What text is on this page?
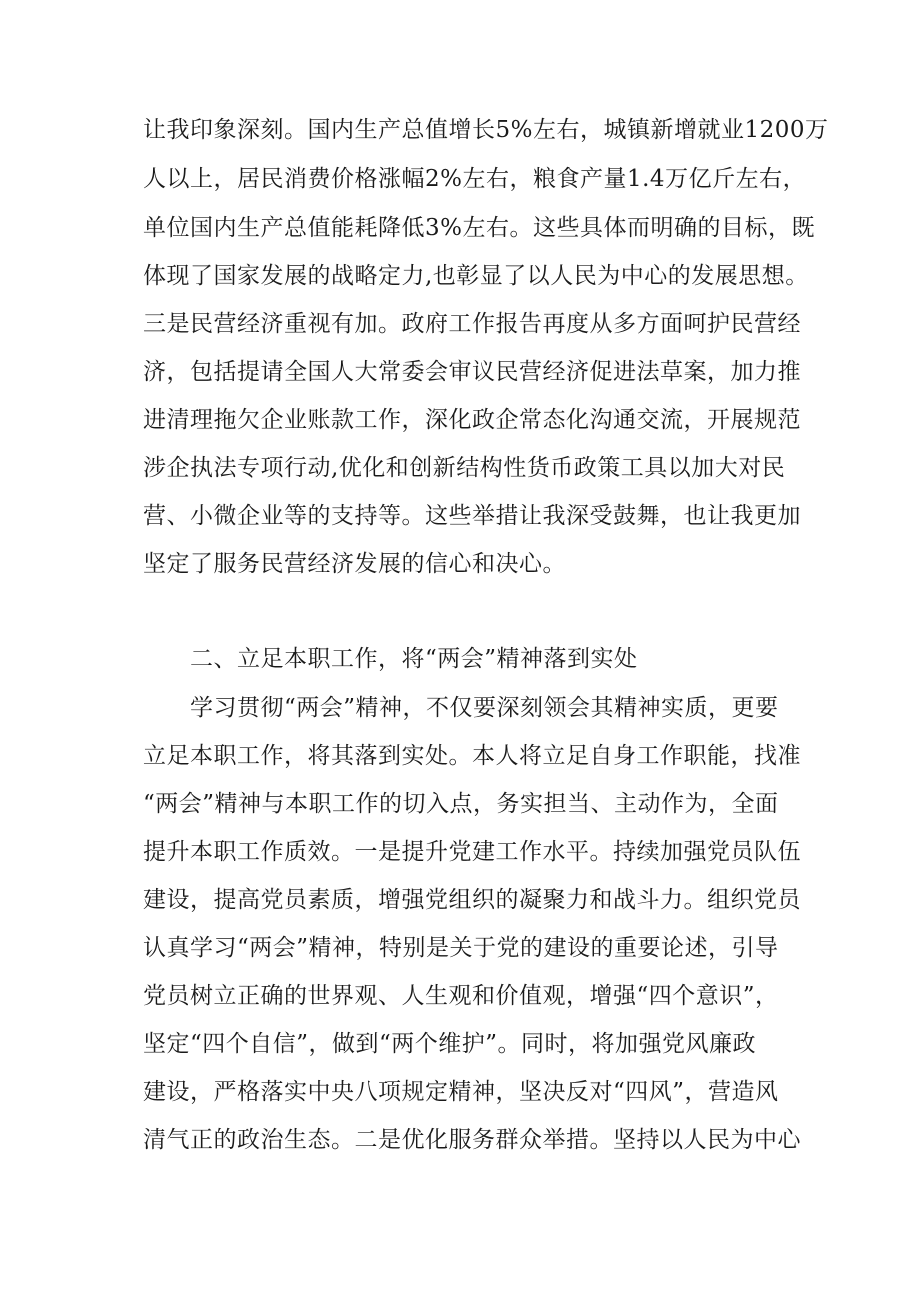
让我印象深刻。国内生产总值增长5%左右，城镇新增就业1200万
人以上，居民消费价格涨幅2%左右，粮食产量1.4万亿斤左右，
单位国内生产总值能耗降低3%左右。这些具体而明确的目标，既
体现了国家发展的战略定力,也彰显了以人民为中心的发展思想。
三是民营经济重视有加。政府工作报告再度从多方面呵护民营经
济，包括提请全国人大常委会审议民营经济促进法草案，加力推
进清理拖欠企业账款工作，深化政企常态化沟通交流，开展规范
涉企执法专项行动,优化和创新结构性货币政策工具以加大对民
营、小微企业等的支持等。这些举措让我深受鼓舞，也让我更加
坚定了服务民营经济发展的信心和决心。
二、立足本职工作，将“两会”精神落到实处
学习贯彻“两会”精神，不仅要深刻领会其精神实质，更要
立足本职工作，将其落到实处。本人将立足自身工作职能，找准
“两会”精神与本职工作的切入点，务实担当、主动作为，全面
提升本职工作质效。一是提升党建工作水平。持续加强党员队伍
建设，提高党员素质，增强党组织的凝聚力和战斗力。组织党员
认真学习“两会”精神，特别是关于党的建设的重要论述，引导
党员树立正确的世界观、人生观和价值观，增强“四个意识”，
坚定“四个自信”，做到“两个维护”。同时，将加强党风廉政
建设，严格落实中央八项规定精神，坚决反对“四风”，营造风
清气正的政治生态。二是优化服务群众举措。坚持以人民为中心
